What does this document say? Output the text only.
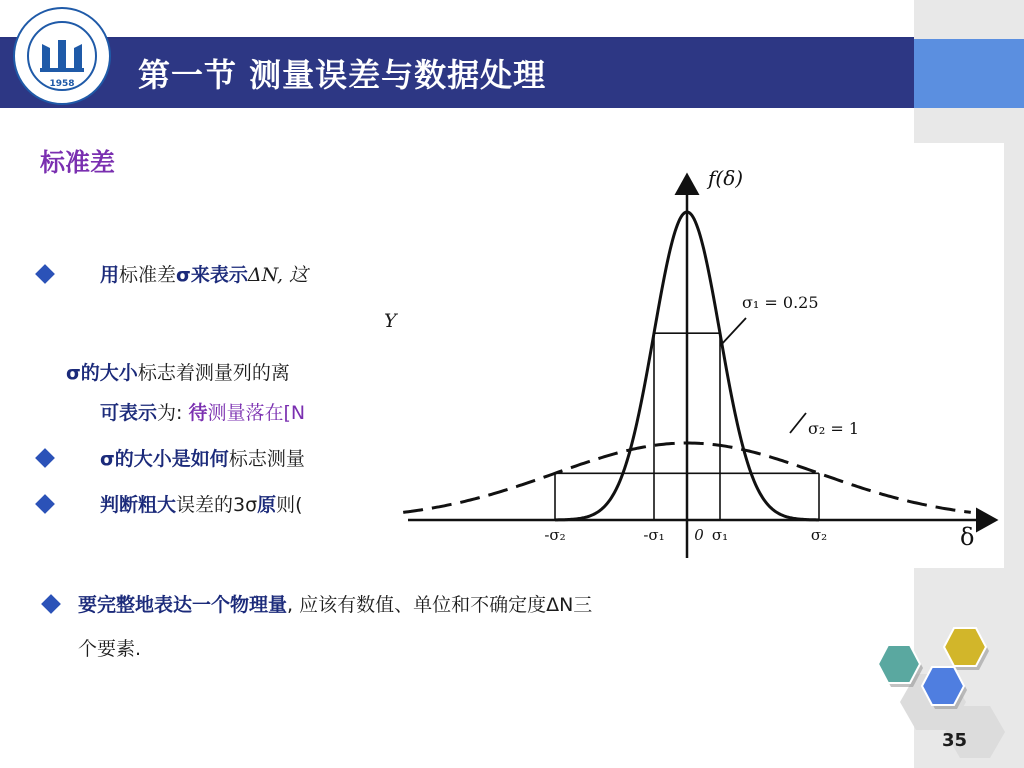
1958 第一节 测量误差与数据处理
标准差
用标准差σ来表示ΔN, 这
Y
σ的大小标志着测量列的离
可表示为: 待测量落在[N
σ的大小是如何标志测量
判断粗大误差的3σ原则(
f(δ)
δ
-σ₂	-σ₁ 0 σ₁	σ₂
σ₁ = 0.25
σ₂ = 1
要完整地表达一个物理量, 应该有数值、单位和不确定度ΔN三
个要素.
35
